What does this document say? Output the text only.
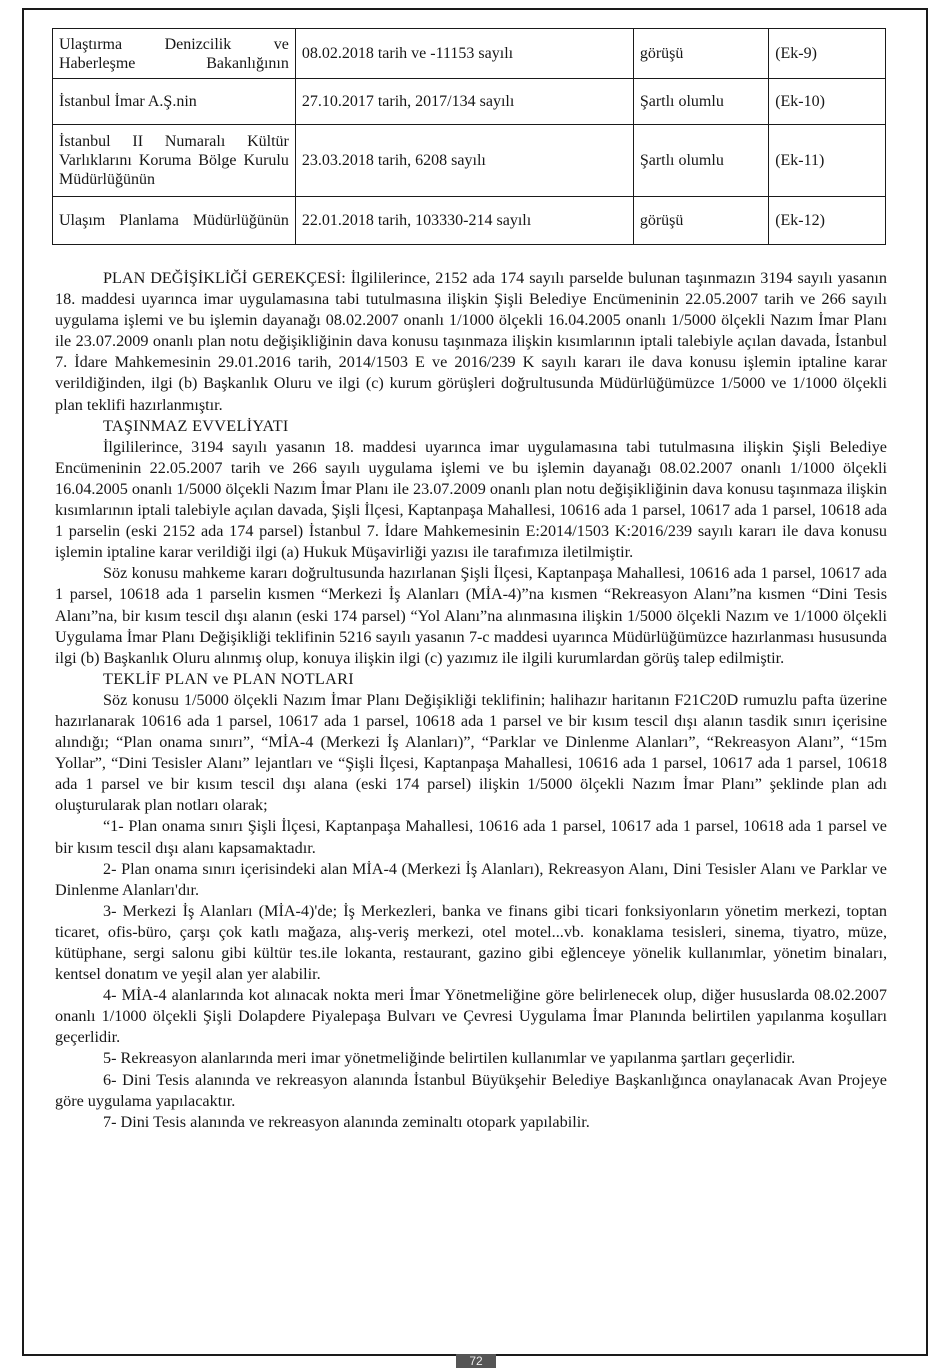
Ulaştırma Denizcilik ve Haberleşme Bakanlığının	08.02.2018 tarih ve -11153 sayılı	görüşü	(Ek-9)
İstanbul İmar A.Ş.nin	27.10.2017 tarih, 2017/134 sayılı	Şartlı olumlu	(Ek-10)
İstanbul II Numaralı Kültür Varlıklarını Koruma Bölge Kurulu Müdürlüğünün	23.03.2018 tarih, 6208 sayılı	Şartlı olumlu	(Ek-11)
Ulaşım Planlama Müdürlüğünün	22.01.2018 tarih, 103330-214 sayılı	görüşü	(Ek-12)

PLAN DEĞİŞİKLİĞİ GEREKÇESİ: İlgililerince, 2152 ada 174 sayılı parselde bulunan taşınmazın 3194 sayılı yasanın 18. maddesi uyarınca imar uygulamasına tabi tutulmasına ilişkin Şişli Belediye Encümeninin 22.05.2007 tarih ve 266 sayılı uygulama işlemi ve bu işlemin dayanağı 08.02.2007 onanlı 1/1000 ölçekli 16.04.2005 onanlı 1/5000 ölçekli Nazım İmar Planı ile 23.07.2009 onanlı plan notu değişikliğinin dava konusu taşınmaza ilişkin kısımlarının iptali talebiyle açılan davada, İstanbul 7. İdare Mahkemesinin 29.01.2016 tarih, 2014/1503 E ve 2016/239 K sayılı kararı ile dava konusu işlemin iptaline karar verildiğinden, ilgi (b) Başkanlık Oluru ve ilgi (c) kurum görüşleri doğrultusunda Müdürlüğümüzce 1/5000 ve 1/1000 ölçekli plan teklifi hazırlanmıştır.

TAŞINMAZ EVVELİYATI

İlgililerince, 3194 sayılı yasanın 18. maddesi uyarınca imar uygulamasına tabi tutulmasına ilişkin Şişli Belediye Encümeninin 22.05.2007 tarih ve 266 sayılı uygulama işlemi ve bu işlemin dayanağı 08.02.2007 onanlı 1/1000 ölçekli 16.04.2005 onanlı 1/5000 ölçekli Nazım İmar Planı ile 23.07.2009 onanlı plan notu değişikliğinin dava konusu taşınmaza ilişkin kısımlarının iptali talebiyle açılan davada, Şişli İlçesi, Kaptanpaşa Mahallesi, 10616 ada 1 parsel, 10617 ada 1 parsel, 10618 ada 1 parselin (eski 2152 ada 174 parsel) İstanbul 7. İdare Mahkemesinin E:2014/1503 K:2016/239 sayılı kararı ile dava konusu işlemin iptaline karar verildiği ilgi (a) Hukuk Müşavirliği yazısı ile tarafımıza iletilmiştir.

Söz konusu mahkeme kararı doğrultusunda hazırlanan Şişli İlçesi, Kaptanpaşa Mahallesi, 10616 ada 1 parsel, 10617 ada 1 parsel, 10618 ada 1 parselin kısmen “Merkezi İş Alanları (MİA-4)”na kısmen “Rekreasyon Alanı”na kısmen “Dini Tesis Alanı”na, bir kısım tescil dışı alanın (eski 174 parsel) “Yol Alanı”na alınmasına ilişkin 1/5000 ölçekli Nazım ve 1/1000 ölçekli Uygulama İmar Planı Değişikliği teklifinin 5216 sayılı yasanın 7-c maddesi uyarınca Müdürlüğümüzce hazırlanması hususunda ilgi (b) Başkanlık Oluru alınmış olup, konuya ilişkin ilgi (c) yazımız ile ilgili kurumlardan görüş talep edilmiştir.

TEKLİF PLAN ve PLAN NOTLARI

Söz konusu 1/5000 ölçekli Nazım İmar Planı Değişikliği teklifinin; halihazır haritanın F21C20D rumuzlu pafta üzerine hazırlanarak 10616 ada 1 parsel, 10617 ada 1 parsel, 10618 ada 1 parsel ve bir kısım tescil dışı alanın tasdik sınırı içerisine alındığı; “Plan onama sınırı”, “MİA-4 (Merkezi İş Alanları)”, “Parklar ve Dinlenme Alanları”, “Rekreasyon Alanı”, “15m Yollar”, “Dini Tesisler Alanı” lejantları ve “Şişli İlçesi, Kaptanpaşa Mahallesi, 10616 ada 1 parsel, 10617 ada 1 parsel, 10618 ada 1 parsel ve bir kısım tescil dışı alana (eski 174 parsel) ilişkin 1/5000 ölçekli Nazım İmar Planı” şeklinde plan adı oluşturularak plan notları olarak;

“1- Plan onama sınırı Şişli İlçesi, Kaptanpaşa Mahallesi, 10616 ada 1 parsel, 10617 ada 1 parsel, 10618 ada 1 parsel ve bir kısım tescil dışı alanı kapsamaktadır.

2- Plan onama sınırı içerisindeki alan MİA-4 (Merkezi İş Alanları), Rekreasyon Alanı, Dini Tesisler Alanı ve Parklar ve Dinlenme Alanları'dır.

3- Merkezi İş Alanları (MİA-4)'de; İş Merkezleri, banka ve finans gibi ticari fonksiyonların yönetim merkezi, toptan ticaret, ofis-büro, çarşı çok katlı mağaza, alış-veriş merkezi, otel motel...vb. konaklama tesisleri, sinema, tiyatro, müze, kütüphane, sergi salonu gibi kültür tes.ile lokanta, restaurant, gazino gibi eğlenceye yönelik kullanımlar, yönetim binaları, kentsel donatım ve yeşil alan yer alabilir.

4- MİA-4 alanlarında kot alınacak nokta meri İmar Yönetmeliğine göre belirlenecek olup, diğer hususlarda 08.02.2007 onanlı 1/1000 ölçekli Şişli Dolapdere Piyalepaşa Bulvarı ve Çevresi Uygulama İmar Planında belirtilen yapılanma koşulları geçerlidir.

5- Rekreasyon alanlarında meri imar yönetmeliğinde belirtilen kullanımlar ve yapılanma şartları geçerlidir.

6- Dini Tesis alanında ve rekreasyon alanında İstanbul Büyükşehir Belediye Başkanlığınca onaylanacak Avan Projeye göre uygulama yapılacaktır.

7- Dini Tesis alanında ve rekreasyon alanında zeminaltı otopark yapılabilir.

72
